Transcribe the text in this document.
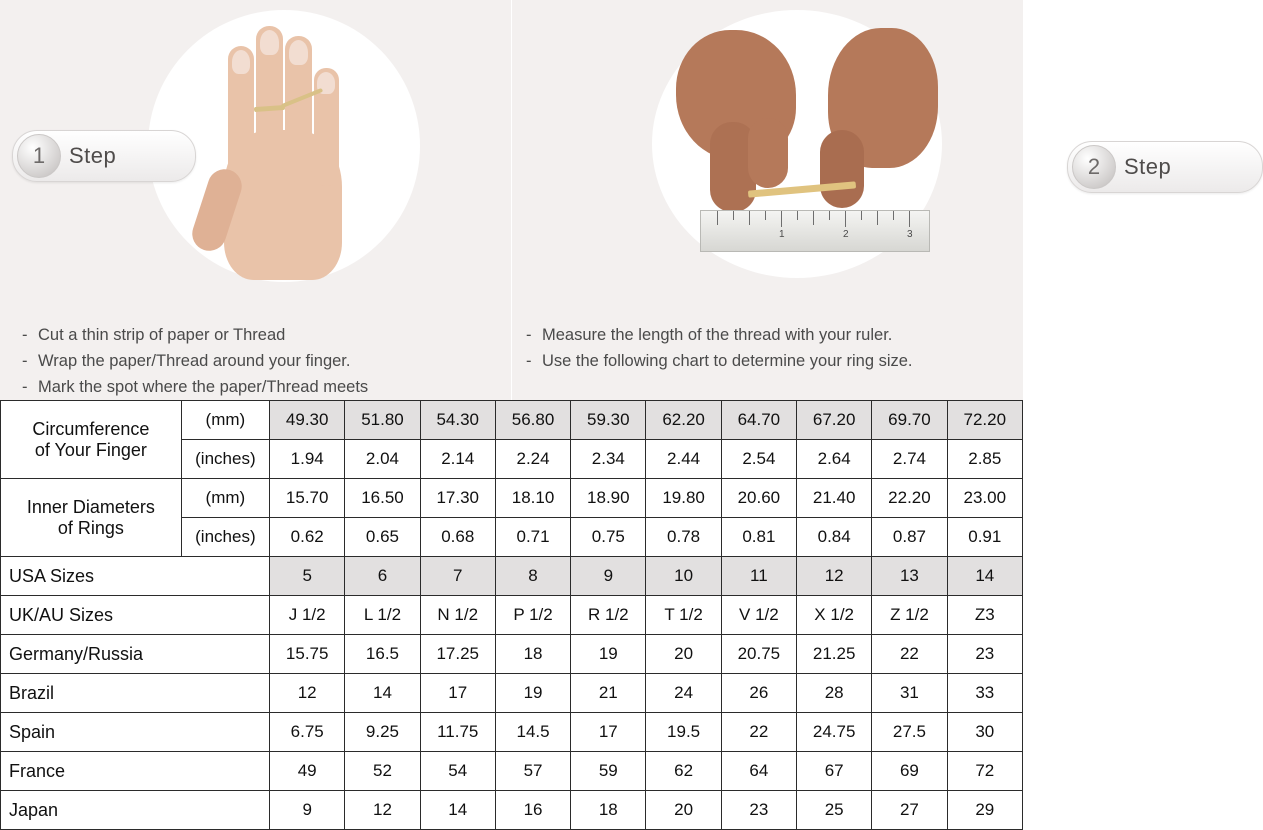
1	Step
- Cut a thin strip of paper or Thread
- Wrap the paper/Thread around your finger.
- Mark the spot where the paper/Thread meets
1	2	3
2	Step
- Measure the length of the thread with your ruler.
- Use the following chart to determine your ring size.
Circumference
of Your Finger	(mm)	49.30	51.80	54.30	56.80	59.30	62.20	64.70	67.20	69.70	72.20
	(inches)	1.94	2.04	2.14	2.24	2.34	2.44	2.54	2.64	2.74	2.85

Inner Diameters
of Rings	(mm)	15.70	16.50	17.30	18.10	18.90	19.80	20.60	21.40	22.20	23.00
	(inches)	0.62	0.65	0.68	0.71	0.75	0.78	0.81	0.84	0.87	0.91
USA Sizes		5	6	7	8	9	10	11	12	13	14
UK/AU Sizes		J 1/2	L 1/2	N 1/2	P 1/2	R 1/2	T 1/2	V 1/2	X 1/2	Z 1/2	Z3
Germany/Russia		15.75	16.5	17.25	18	19	20	20.75	21.25	22	23
Brazil		12	14	17	19	21	24	26	28	31	33
Spain		6.75	9.25	11.75	14.5	17	19.5	22	24.75	27.5	30
France		49	52	54	57	59	62	64	67	69	72
Japan		9	12	14	16	18	20	23	25	27	29
